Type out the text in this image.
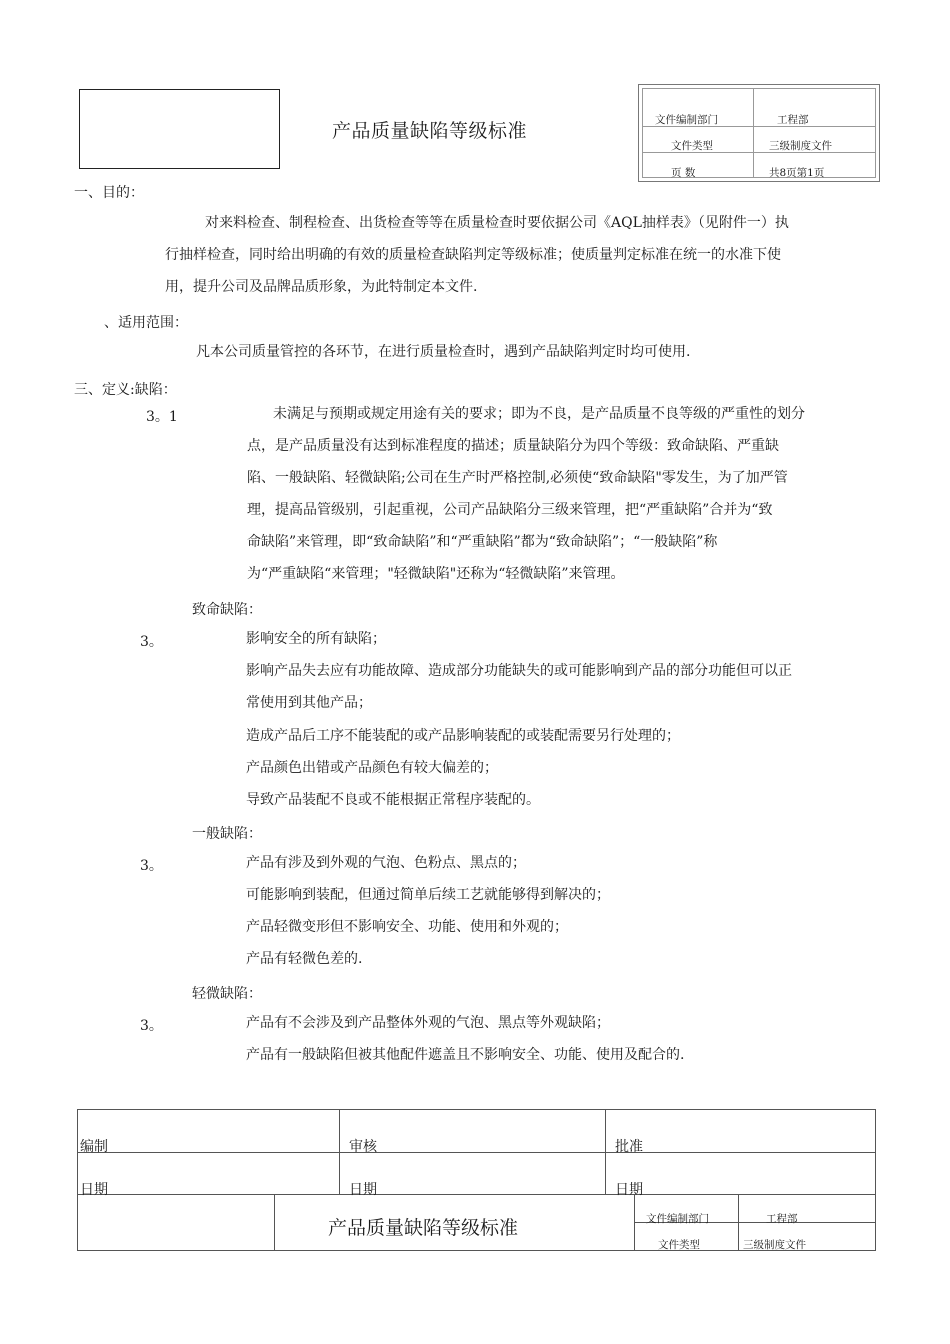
产品质量缺陷等级标准	文件编制部门	工程部
文件类型	三级制度文件
页 数	共8页第1页
一、目的：
对来料检查、制程检查、出货检查等等在质量检查时要依据公司《AQL抽样表》（见附件一）执
行抽样检查，同时给出明确的有效的质量检查缺陷判定等级标准；使质量判定标准在统一的水准下使
用，提升公司及品牌品质形象，为此特制定本文件.
、适用范围：
凡本公司质量管控的各环节，在进行质量检查时，遇到产品缺陷判定时均可使用.
三、定义:缺陷：
3。1	未满足与预期或规定用途有关的要求；即为不良，是产品质量不良等级的严重性的划分
点，是产品质量没有达到标准程度的描述；质量缺陷分为四个等级：致命缺陷、严重缺
陷、一般缺陷、轻微缺陷;公司在生产时严格控制,必须使“致命缺陷"零发生，为了加严管
理，提高品管级别，引起重视，公司产品缺陷分三级来管理，把“严重缺陷”合并为“致
命缺陷”来管理，即“致命缺陷”和“严重缺陷”都为“致命缺陷”；“一般缺陷”称
为“严重缺陷“来管理；"轻微缺陷"还称为“轻微缺陷”来管理。
致命缺陷：
3。	影响安全的所有缺陷；
影响产品失去应有功能故障、造成部分功能缺失的或可能影响到产品的部分功能但可以正
常使用到其他产品；
造成产品后工序不能装配的或产品影响装配的或装配需要另行处理的；
产品颜色出错或产品颜色有较大偏差的；
导致产品装配不良或不能根据正常程序装配的。
一般缺陷：
3。	产品有涉及到外观的气泡、色粉点、黑点的；
可能影响到装配，但通过简单后续工艺就能够得到解决的；
产品轻微变形但不影响安全、功能、使用和外观的；
产品有轻微色差的.
轻微缺陷：
3。	产品有不会涉及到产品整体外观的气泡、黑点等外观缺陷；
产品有一般缺陷但被其他配件遮盖且不影响安全、功能、使用及配合的.
编制	审核	批准
日期	日期	日期
产品质量缺陷等级标准	文件编制部门	工程部
文件类型	三级制度文件
